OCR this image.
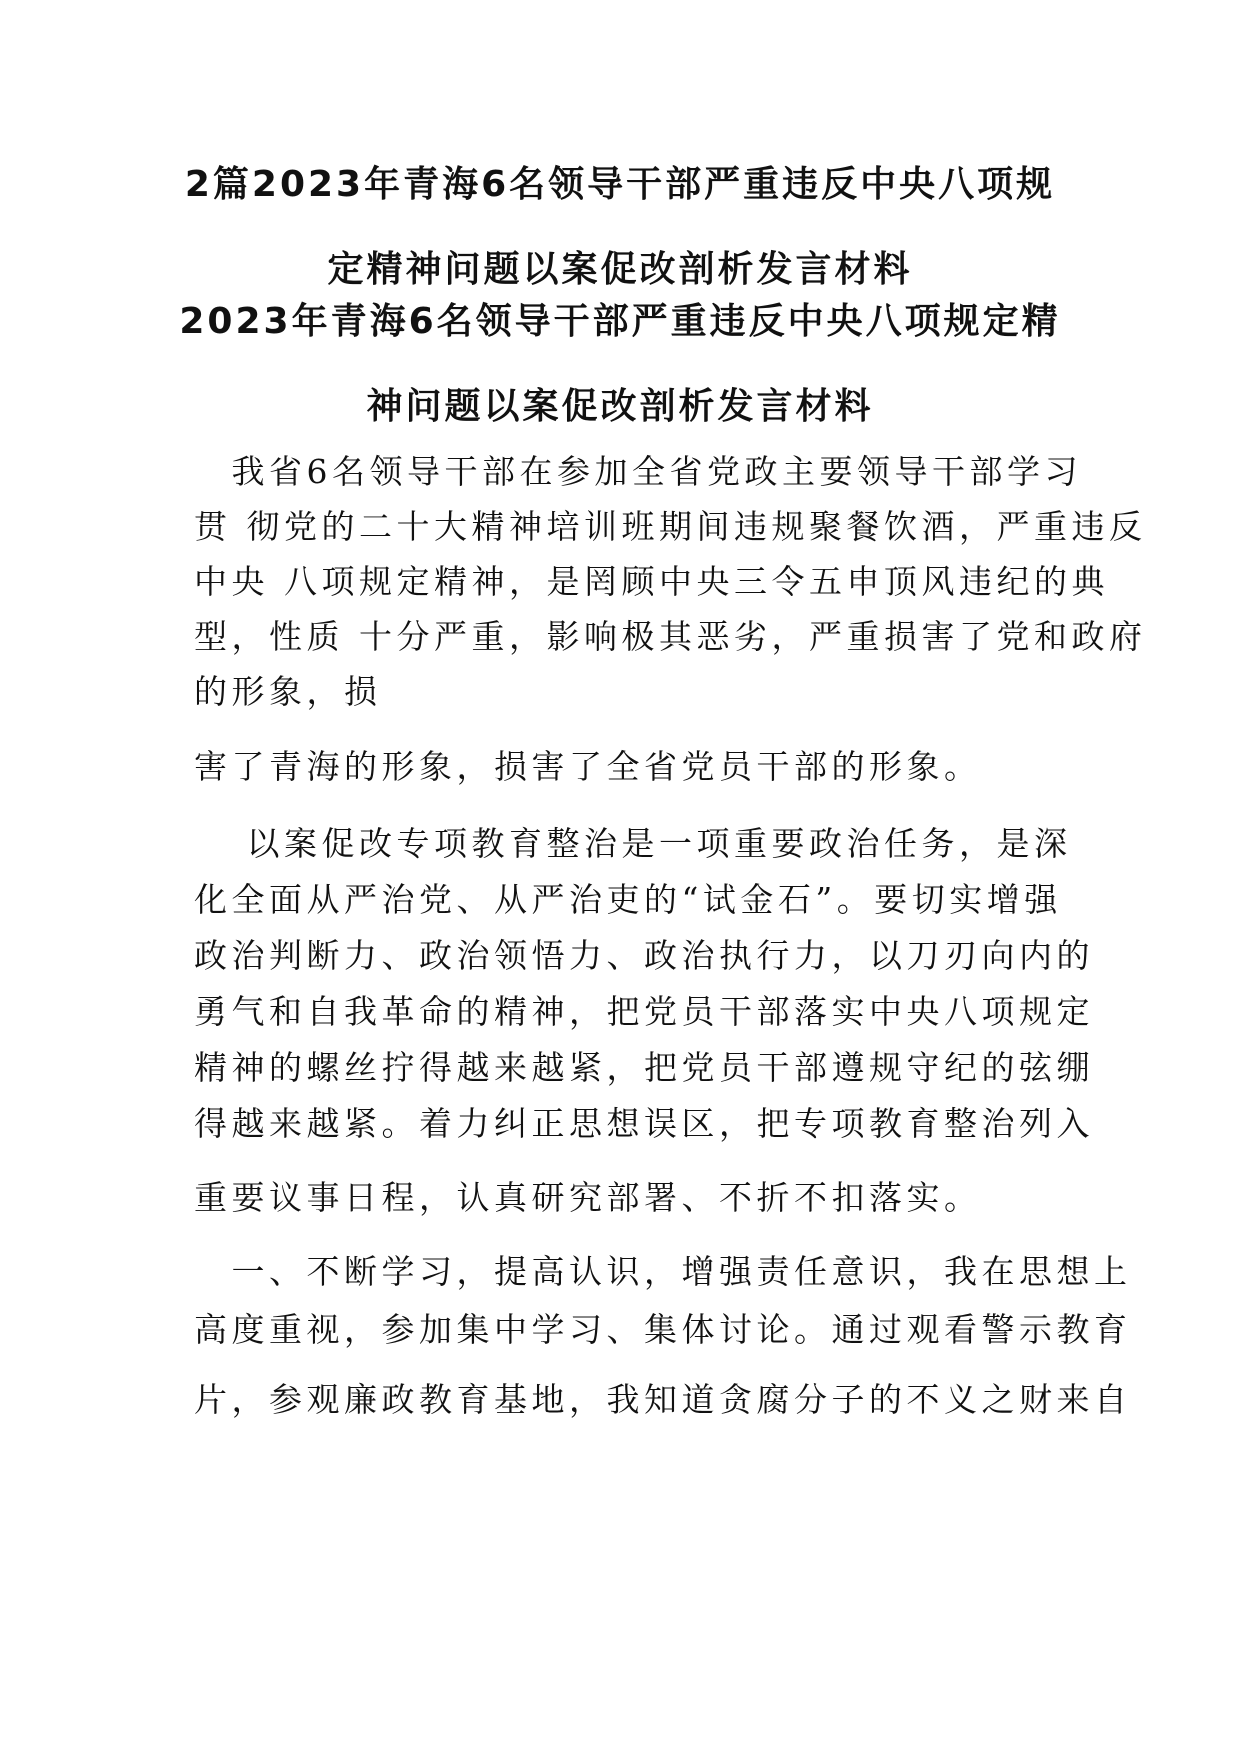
2篇2023年青海6名领导干部严重违反中央八项规
定精神问题以案促改剖析发言材料
2023年青海6名领导干部严重违反中央八项规定精
神问题以案促改剖析发言材料
　我省6名领导干部在参加全省党政主要领导干部学习
贯 彻党的二十大精神培训班期间违规聚餐饮酒，严重违反
中央 八项规定精神，是罔顾中央三令五申顶风违纪的典
型，性质 十分严重，影响极其恶劣，严重损害了党和政府
的形象，损
害了青海的形象，损害了全省党员干部的形象。
　 以案促改专项教育整治是一项重要政治任务，是深
化全面从严治党、从严治吏的“试金石”。要切实增强
政治判断力、政治领悟力、政治执行力，以刀刃向内的
勇气和自我革命的精神，把党员干部落实中央八项规定
精神的螺丝拧得越来越紧，把党员干部遵规守纪的弦绷
得越来越紧。着力纠正思想误区，把专项教育整治列入
重要议事日程，认真研究部署、不折不扣落实。
　一、不断学习，提高认识，增强责任意识，我在思想上
高度重视，参加集中学习、集体讨论。通过观看警示教育
片，参观廉政教育基地，我知道贪腐分子的不义之财来自
